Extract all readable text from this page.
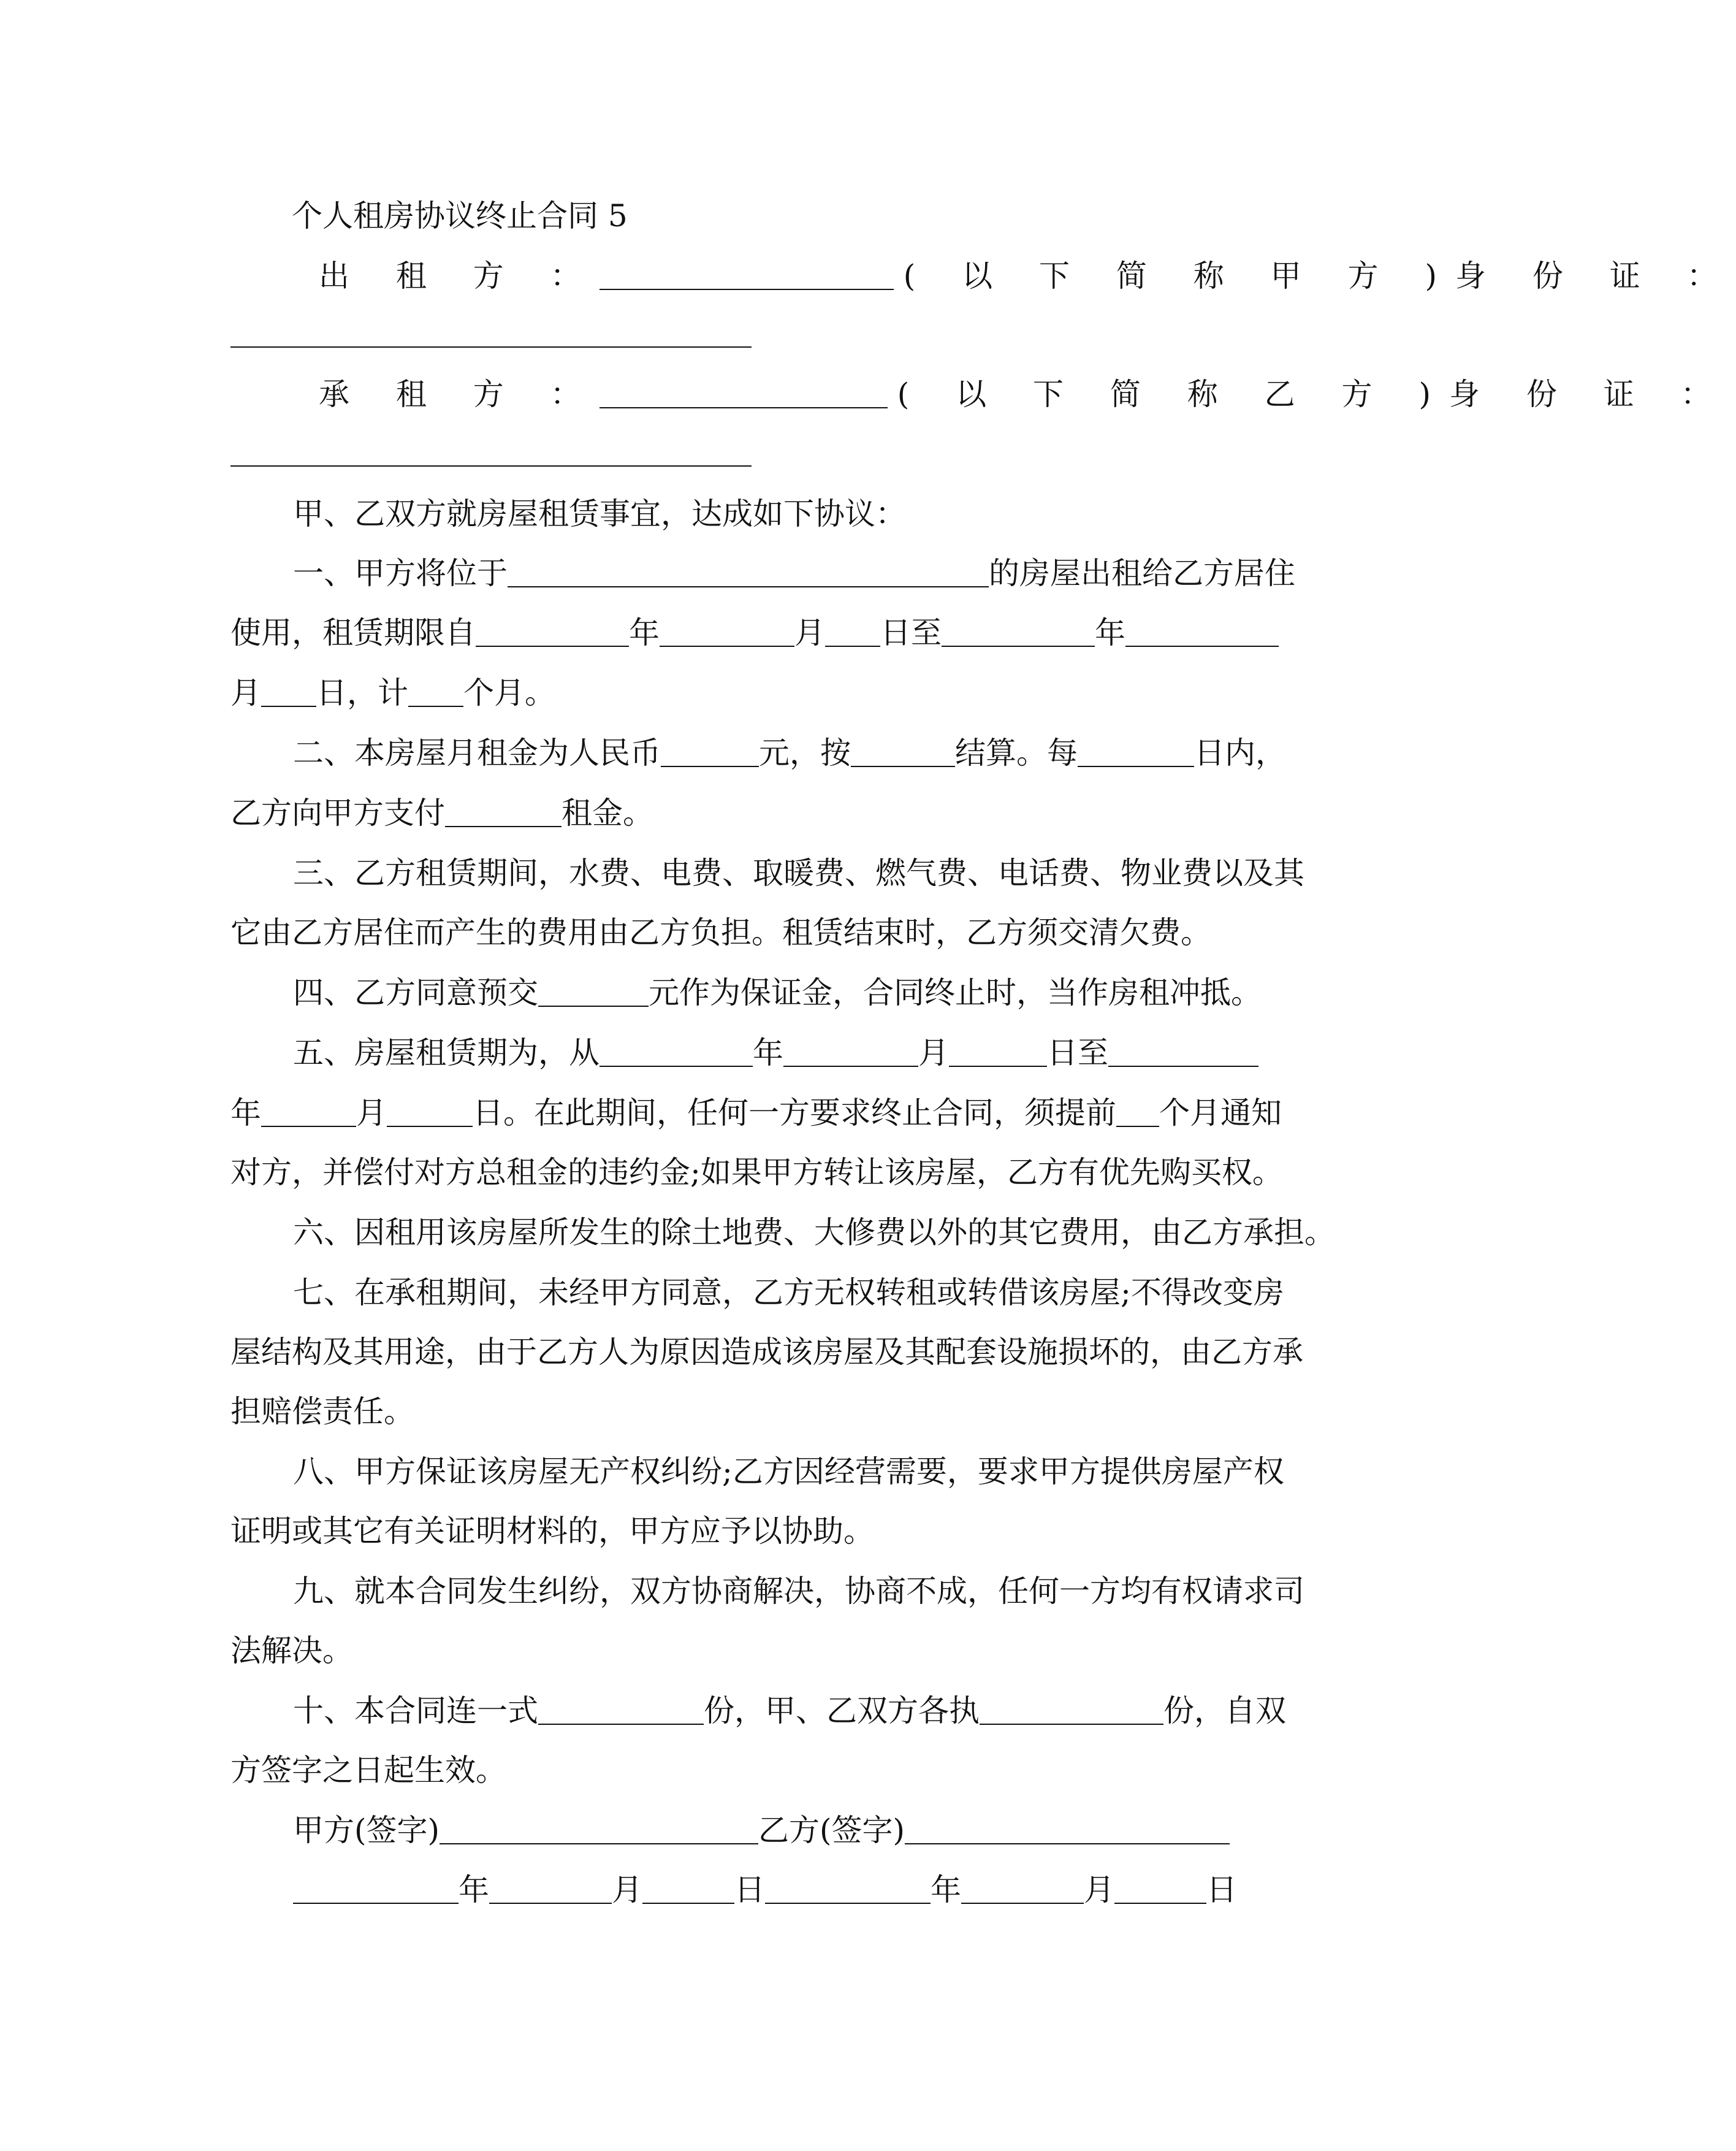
个人租房协议终止合同 5
出 租 方 ：	( 以 下 简 称 甲 方 )身 份 证 ：
承 租 方 ：	( 以 下 简 称 乙 方 )身 份 证 ：
甲、乙双方就房屋租赁事宜，达成如下协议：
一、甲方将位于	的房屋出租给乙方居住
使用，租赁期限自	年	月 日至	年
月 日，计 个月。
二、本房屋月租金为人民币	元，按	结算。每	日内，
乙方向甲方支付	租金。
三、乙方租赁期间，水费、电费、取暖费、燃气费、电话费、物业费以及其
它由乙方居住而产生的费用由乙方负担。租赁结束时，乙方须交清欠费。
四、乙方同意预交	元作为保证金，合同终止时，当作房租冲抵。
五、房屋租赁期为，从	年	月	日至
年	月	日。在此期间，任何一方要求终止合同，须提前 个月通知
对方，并偿付对方总租金的违约金;如果甲方转让该房屋，乙方有优先购买权。
六、因租用该房屋所发生的除土地费、大修费以外的其它费用，由乙方承担。
七、在承租期间，未经甲方同意，乙方无权转租或转借该房屋;不得改变房
屋结构及其用途，由于乙方人为原因造成该房屋及其配套设施损坏的，由乙方承
担赔偿责任。
八、甲方保证该房屋无产权纠纷;乙方因经营需要，要求甲方提供房屋产权
证明或其它有关证明材料的，甲方应予以协助。
九、就本合同发生纠纷，双方协商解决，协商不成，任何一方均有权请求司
法解决。
十、本合同连一式	份，甲、乙双方各执	份，自双
方签字之日起生效。
甲方(签字)	乙方(签字)
年	月	日	年	月	日
